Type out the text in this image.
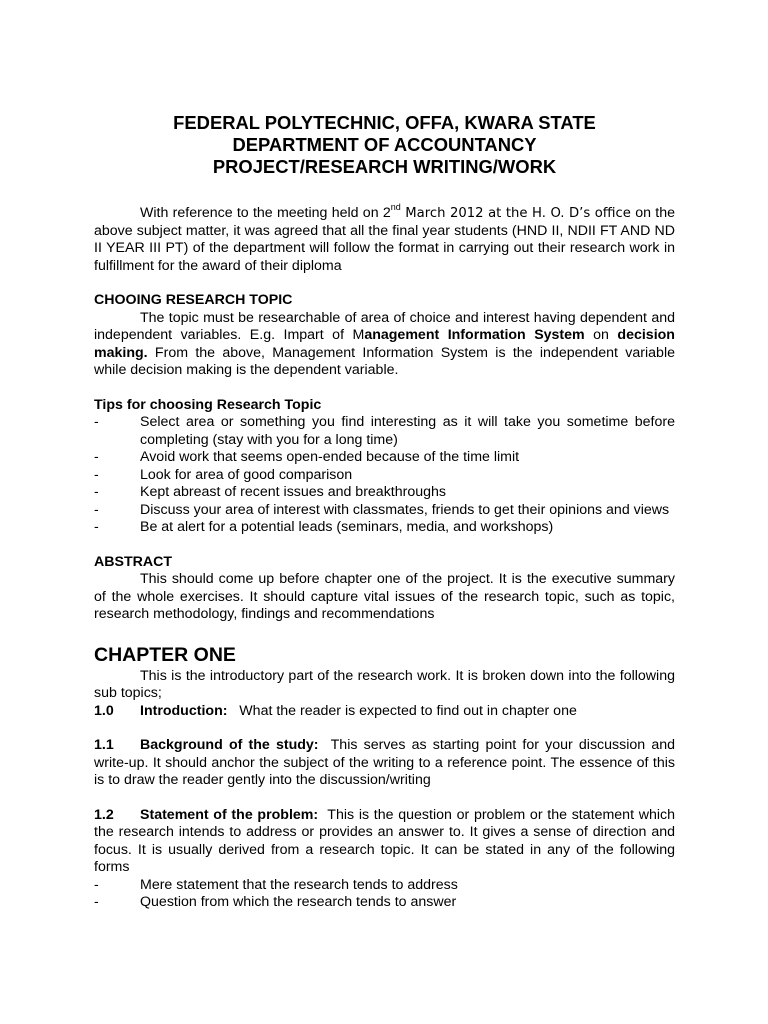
FEDERAL POLYTECHNIC, OFFA, KWARA STATE

DEPARTMENT OF ACCOUNTANCY

PROJECT/RESEARCH WRITING/WORK

With reference to the meeting held on 2nd March 2012 at the H. O. D’s office on the above subject matter, it was agreed that all the final year students (HND II, NDII FT AND ND II YEAR III PT) of the department will follow the format in carrying out their research work in fulfillment for the award of their diploma

CHOOING RESEARCH TOPIC

The topic must be researchable of area of choice and interest having dependent and independent variables. E.g. Impart of Management Information System on decision making. From the above, Management Information System is the independent variable while decision making is the dependent variable.

Tips for choosing Research Topic

-	Select area or something you find interesting as it will take you sometime before completing (stay with you for a long time)
-	Avoid work that seems open-ended because of the time limit
-	Look for area of good comparison
-	Kept abreast of recent issues and breakthroughs
-	Discuss your area of interest with classmates, friends to get their opinions and views
-	Be at alert for a potential leads (seminars, media, and workshops)

ABSTRACT

This should come up before chapter one of the project. It is the executive summary of the whole exercises. It should capture vital issues of the research topic, such as topic, research methodology, findings and recommendations

CHAPTER ONE

This is the introductory part of the research work. It is broken down into the following sub topics;

1.0 Introduction:   What the reader is expected to find out in chapter one

1.1 Background of the study:  This serves as starting point for your discussion and write-up. It should anchor the subject of the writing to a reference point. The essence of this is to draw the reader gently into the discussion/writing

1.2 Statement of the problem:  This is the question or problem or the statement which the research intends to address or provides an answer to. It gives a sense of direction and focus. It is usually derived from a research topic. It can be stated in any of the following forms

-	Mere statement that the research tends to address
-	Question from which the research tends to answer
